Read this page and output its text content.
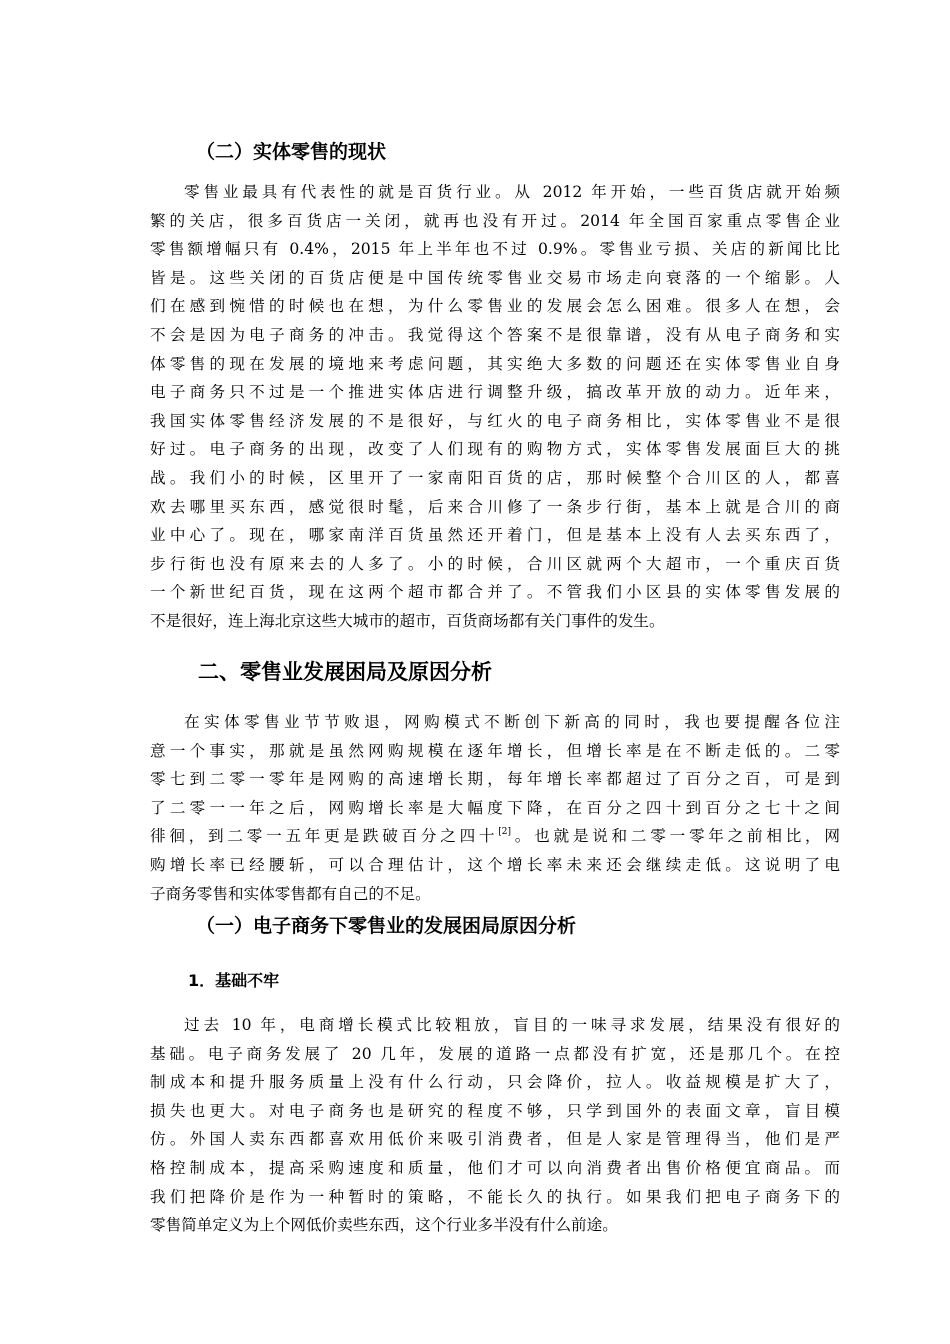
（二）实体零售的现状
零售业最具有代表性的就是百货行业。从 2012 年开始，一些百货店就开始频
繁的关店，很多百货店一关闭，就再也没有开过。2014 年全国百家重点零售企业
零售额增幅只有 0.4%，2015 年上半年也不过 0.9%。零售业亏损、关店的新闻比比
皆是。这些关闭的百货店便是中国传统零售业交易市场走向衰落的一个缩影。人
们在感到惋惜的时候也在想，为什么零售业的发展会怎么困难。很多人在想，会
不会是因为电子商务的冲击。我觉得这个答案不是很靠谱，没有从电子商务和实
体零售的现在发展的境地来考虑问题，其实绝大多数的问题还在实体零售业自身
电子商务只不过是一个推进实体店进行调整升级，搞改革开放的动力。近年来，
我国实体零售经济发展的不是很好，与红火的电子商务相比，实体零售业不是很
好过。电子商务的出现，改变了人们现有的购物方式，实体零售发展面巨大的挑
战。我们小的时候，区里开了一家南阳百货的店，那时候整个合川区的人，都喜
欢去哪里买东西，感觉很时髦，后来合川修了一条步行街，基本上就是合川的商
业中心了。现在，哪家南洋百货虽然还开着门，但是基本上没有人去买东西了，
步行街也没有原来去的人多了。小的时候，合川区就两个大超市，一个重庆百货
一个新世纪百货，现在这两个超市都合并了。不管我们小区县的实体零售发展的
不是很好，连上海北京这些大城市的超市，百货商场都有关门事件的发生。
二、零售业发展困局及原因分析
在实体零售业节节败退，网购模式不断创下新高的同时，我也要提醒各位注
意一个事实，那就是虽然网购规模在逐年增长，但增长率是在不断走低的。二零
零七到二零一零年是网购的高速增长期，每年增长率都超过了百分之百，可是到
了二零一一年之后，网购增长率是大幅度下降，在百分之四十到百分之七十之间
徘徊，到二零一五年更是跌破百分之四十[2]。也就是说和二零一零年之前相比，网
购增长率已经腰斩，可以合理估计，这个增长率未来还会继续走低。这说明了电
子商务零售和实体零售都有自己的不足。
（一）电子商务下零售业的发展困局原因分析
1．基础不牢
过去 10 年，电商增长模式比较粗放，盲目的一味寻求发展，结果没有很好的
基础。电子商务发展了 20 几年，发展的道路一点都没有扩宽，还是那几个。在控
制成本和提升服务质量上没有什么行动，只会降价，拉人。收益规模是扩大了，
损失也更大。对电子商务也是研究的程度不够，只学到国外的表面文章，盲目模
仿。外国人卖东西都喜欢用低价来吸引消费者，但是人家是管理得当，他们是严
格控制成本，提高采购速度和质量，他们才可以向消费者出售价格便宜商品。而
我们把降价是作为一种暂时的策略，不能长久的执行。如果我们把电子商务下的
零售简单定义为上个网低价卖些东西，这个行业多半没有什么前途。
